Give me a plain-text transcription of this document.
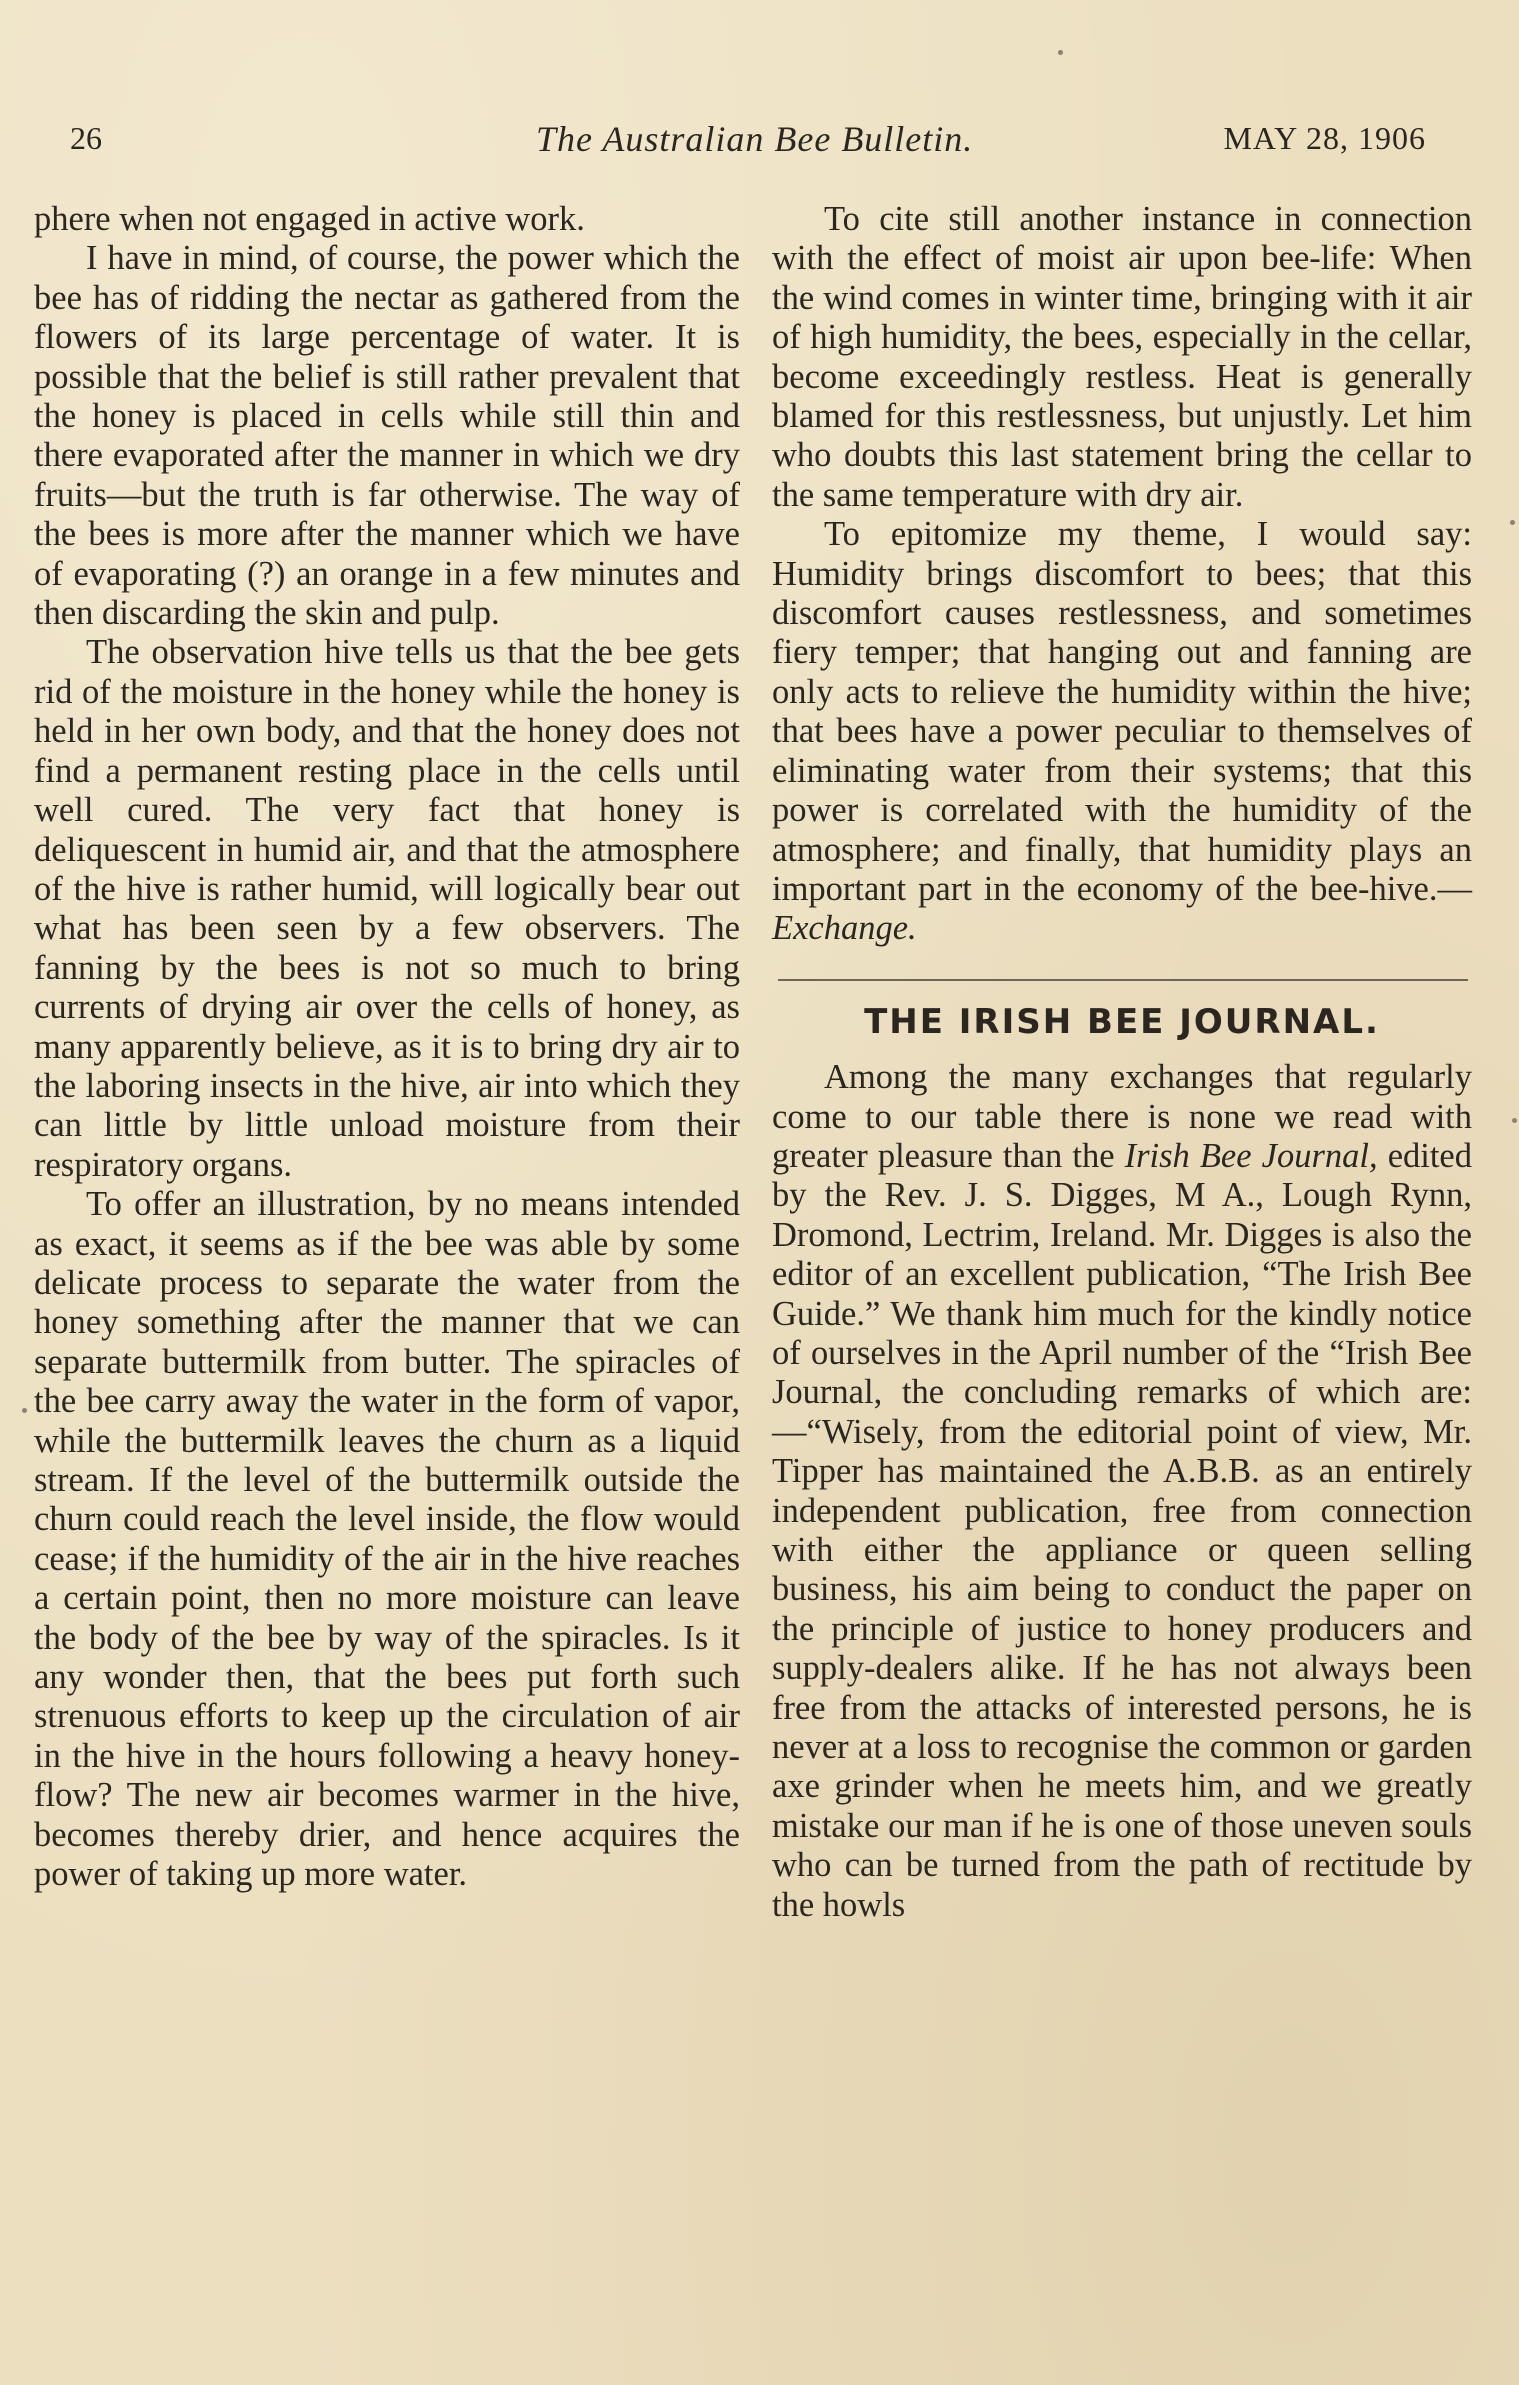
26	The Australian Bee Bulletin.	MAY 28, 1906

phere when not engaged in active work.

I have in mind, of course, the power which the bee has of ridding the nectar as gathered from the flowers of its large percentage of water. It is possible that the belief is still rather prevalent that the honey is placed in cells while still thin and there evaporated after the manner in which we dry fruits—but the truth is far otherwise. The way of the bees is more after the manner which we have of evaporating (?) an orange in a few minutes and then discarding the skin and pulp.

The observation hive tells us that the bee gets rid of the moisture in the honey while the honey is held in her own body, and that the honey does not find a permanent resting place in the cells until well cured. The very fact that honey is deliquescent in humid air, and that the atmosphere of the hive is rather humid, will logically bear out what has been seen by a few observers. The fanning by the bees is not so much to bring currents of drying air over the cells of honey, as many apparently believe, as it is to bring dry air to the laboring insects in the hive, air into which they can little by little unload moisture from their respiratory organs.

To offer an illustration, by no means intended as exact, it seems as if the bee was able by some delicate process to separate the water from the honey something after the manner that we can separate buttermilk from butter. The spiracles of the bee carry away the water in the form of vapor, while the buttermilk leaves the churn as a liquid stream. If the level of the buttermilk outside the churn could reach the level inside, the flow would cease; if the humidity of the air in the hive reaches a certain point, then no more moisture can leave the body of the bee by way of the spiracles. Is it any wonder then, that the bees put forth such strenuous efforts to keep up the circulation of air in the hive in the hours following a heavy honey-flow? The new air becomes warmer in the hive, becomes thereby drier, and hence acquires the power of taking up more water.

To cite still another instance in connection with the effect of moist air upon bee-life: When the wind comes in winter time, bringing with it air of high humidity, the bees, especially in the cellar, become exceedingly restless. Heat is generally blamed for this restlessness, but unjustly. Let him who doubts this last statement bring the cellar to the same temperature with dry air.

To epitomize my theme, I would say: Humidity brings discomfort to bees; that this discomfort causes restlessness, and sometimes fiery temper; that hanging out and fanning are only acts to relieve the humidity within the hive; that bees have a power peculiar to themselves of eliminating water from their systems; that this power is correlated with the humidity of the atmosphere; and finally, that humidity plays an important part in the economy of the bee-hive.—Exchange.

THE IRISH BEE JOURNAL.

Among the many exchanges that regularly come to our table there is none we read with greater pleasure than the Irish Bee Journal, edited by the Rev. J. S. Digges, M A., Lough Rynn, Dromond, Lectrim, Ireland. Mr. Digges is also the editor of an excellent publication, “The Irish Bee Guide.” We thank him much for the kindly notice of ourselves in the April number of the “Irish Bee Journal, the concluding remarks of which are:—“Wisely, from the editorial point of view, Mr. Tipper has maintained the A.B.B. as an entirely independent publication, free from connection with either the appliance or queen selling business, his aim being to conduct the paper on the principle of justice to honey producers and supply-dealers alike. If he has not always been free from the attacks of interested persons, he is never at a loss to recognise the common or garden axe grinder when he meets him, and we greatly mistake our man if he is one of those uneven souls who can be turned from the path of rectitude by the howls
